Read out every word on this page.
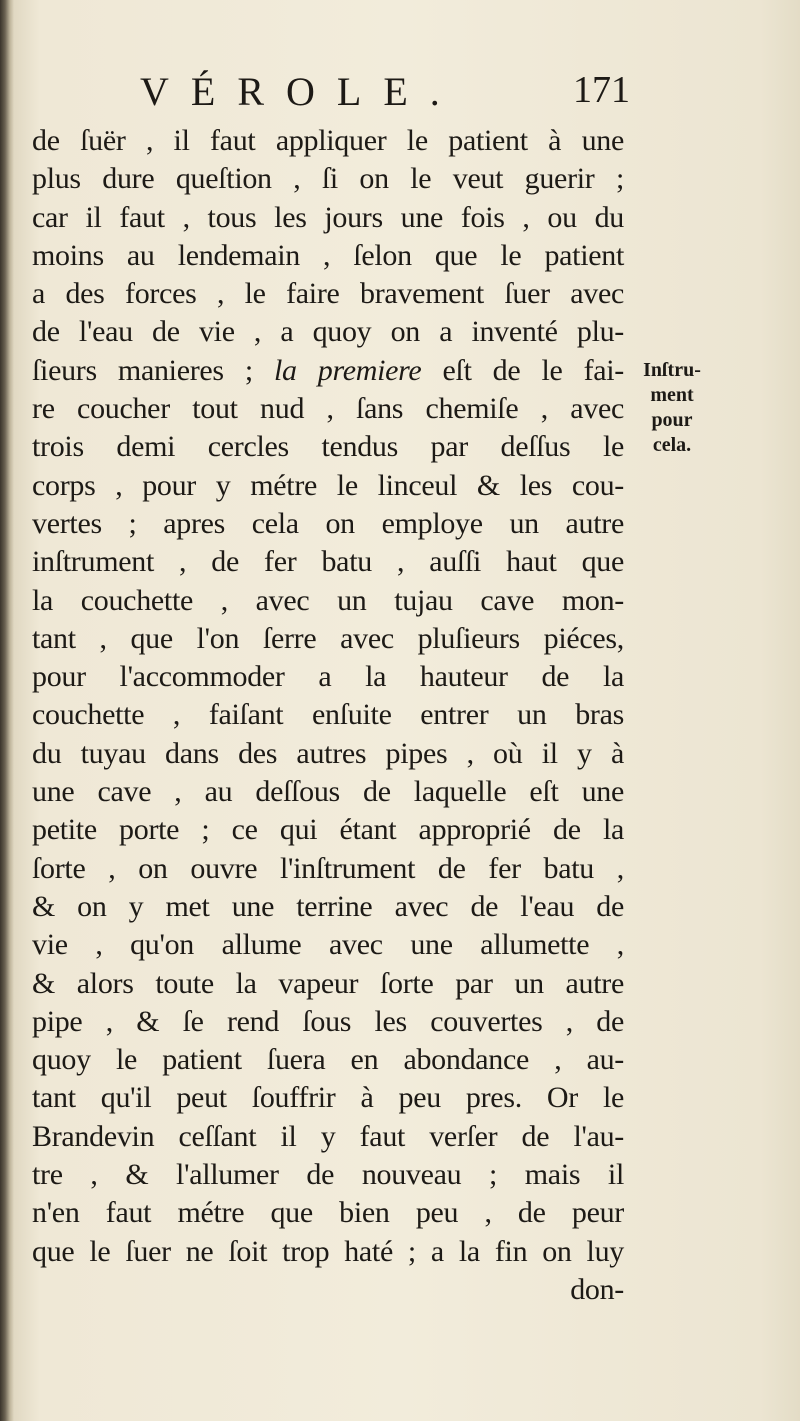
VÉROLE.	171
de ſuër , il faut appliquer le patient à une
plus dure queſtion , ſi on le veut guerir ;
car il faut , tous les jours une fois , ou du
moins au lendemain , ſelon que le patient
a des forces , le faire bravement ſuer avec
de l'eau de vie , a quoy on a inventé plu-
ſieurs manieres ; la premiere eſt de le fai-
re coucher tout nud , ſans chemiſe , avec
trois demi cercles tendus par deſſus le
corps , pour y métre le linceul & les cou-
vertes ; apres cela on employe un autre
inſtrument , de fer batu , auſſi haut que
la couchette , avec un tujau cave mon-
tant , que l'on ſerre avec pluſieurs piéces,
pour l'accommoder a la hauteur de la
couchette , faiſant enſuite entrer un bras
du tuyau dans des autres pipes , où il y à
une cave , au deſſous de laquelle eſt une
petite porte ; ce qui étant approprié de la
ſorte , on ouvre l'inſtrument de fer batu ,
& on y met une terrine avec de l'eau de
vie , qu'on allume avec une allumette ,
& alors toute la vapeur ſorte par un autre
pipe , & ſe rend ſous les couvertes , de
quoy le patient ſuera en abondance , au-
tant qu'il peut ſouffrir à peu pres. Or le
Brandevin ceſſant il y faut verſer de l'au-
tre , & l'allumer de nouveau ; mais il
n'en faut métre que bien peu , de peur
que le ſuer ne ſoit trop haté ; a la fin on luy
don-
Inſtru-
ment
pour
cela.
